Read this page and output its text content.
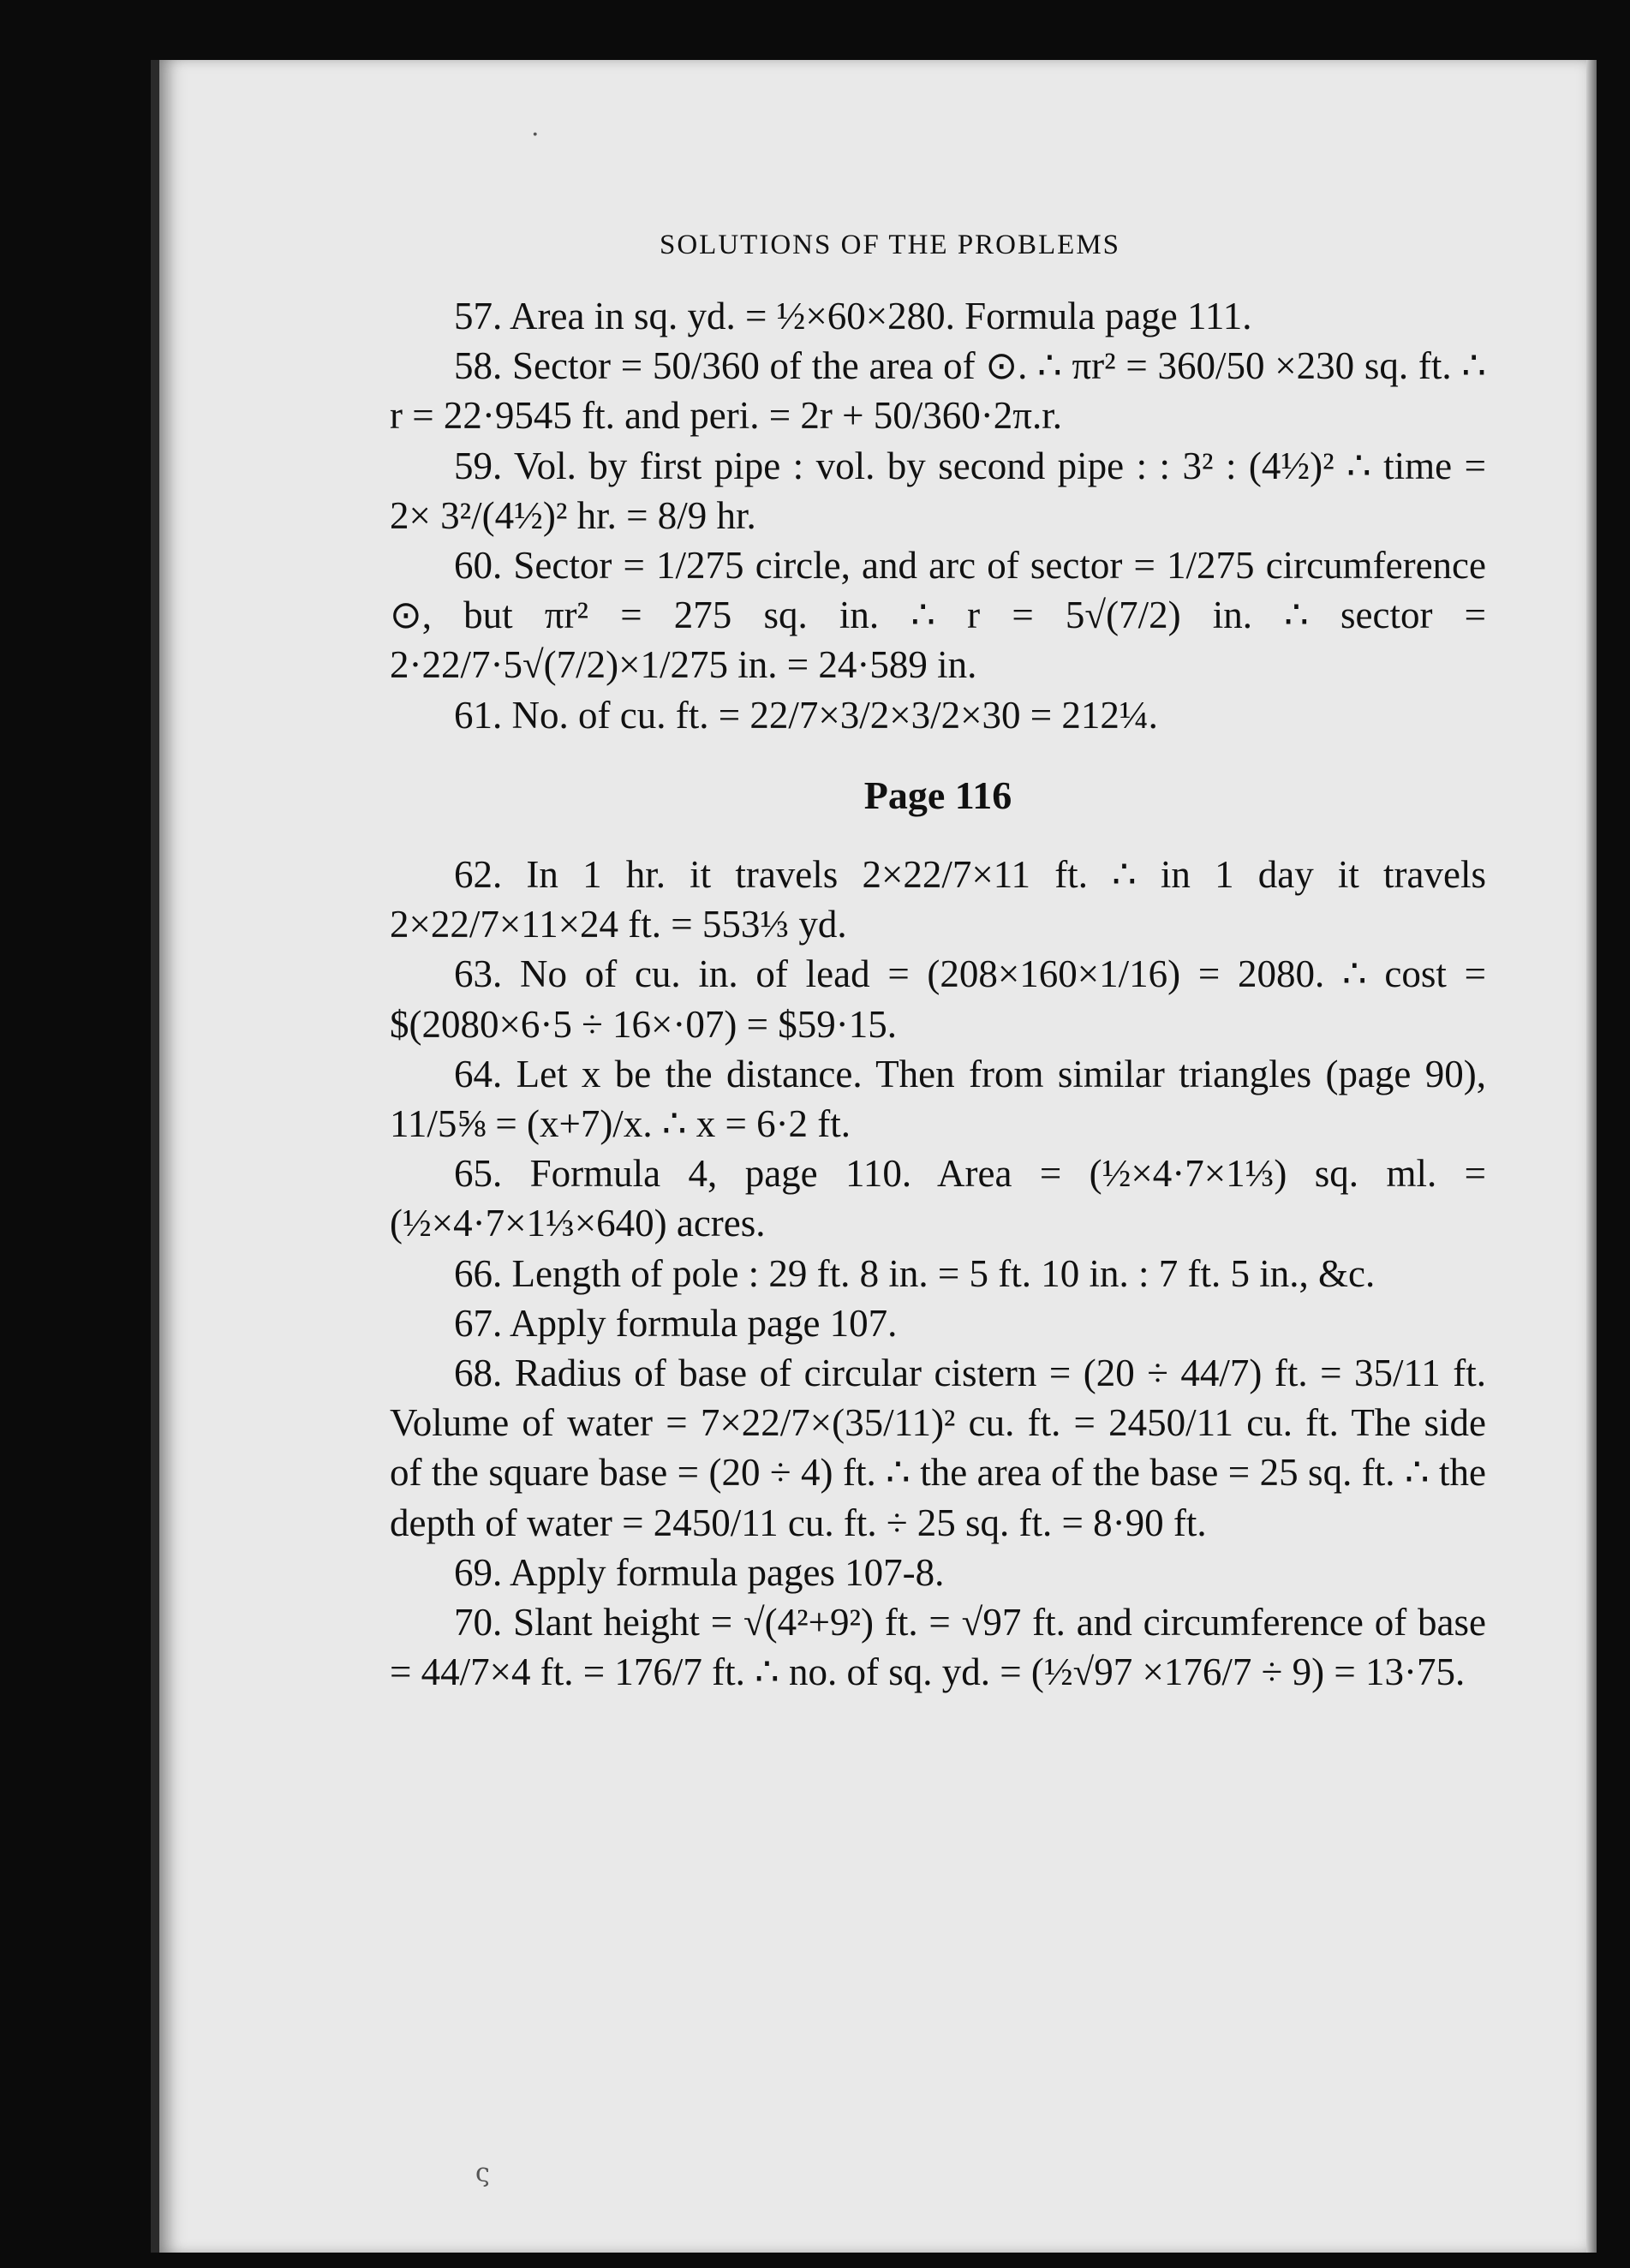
·
ς
SOLUTIONS OF THE PROBLEMS

57. Area in sq. yd. = ½×60×280. Formula page 111.

58. Sector = 50/360 of the area of ⊙. ∴ πr² = 360/50 ×230 sq. ft. ∴ r = 22·9545 ft. and peri. = 2r + 50/360·2π.r.

59. Vol. by first pipe : vol. by second pipe : : 3² : (4½)² ∴ time = 2× 3²/(4½)² hr. = 8/9 hr.

60. Sector = 1/275 circle, and arc of sector = 1/275 circumference ⊙, but πr² = 275 sq. in. ∴ r = 5√(7/2) in. ∴ sector = 2·22/7·5√(7/2)×1/275 in. = 24·589 in.

61. No. of cu. ft. = 22/7×3/2×3/2×30 = 212¼.

Page 116

62. In 1 hr. it travels 2×22/7×11 ft. ∴ in 1 day it travels 2×22/7×11×24 ft. = 553⅓ yd.

63. No of cu. in. of lead = (208×160×1/16) = 2080. ∴ cost = $(2080×6·5 ÷ 16×·07) = $59·15.

64. Let x be the distance. Then from similar triangles (page 90), 11/5⅝ = (x+7)/x. ∴ x = 6·2 ft.

65. Formula 4, page 110. Area = (½×4·7×1⅓) sq. ml. = (½×4·7×1⅓×640) acres.

66. Length of pole : 29 ft. 8 in. = 5 ft. 10 in. : 7 ft. 5 in., &c.

67. Apply formula page 107.

68. Radius of base of circular cistern = (20 ÷ 44/7) ft. = 35/11 ft. Volume of water = 7×22/7×(35/11)² cu. ft. = 2450/11 cu. ft. The side of the square base = (20 ÷ 4) ft. ∴ the area of the base = 25 sq. ft. ∴ the depth of water = 2450/11 cu. ft. ÷ 25 sq. ft. = 8·90 ft.

69. Apply formula pages 107-8.

70. Slant height = √(4²+9²) ft. = √97 ft. and circumference of base = 44/7×4 ft. = 176/7 ft. ∴ no. of sq. yd. = (½√97 ×176/7 ÷ 9) = 13·75.
